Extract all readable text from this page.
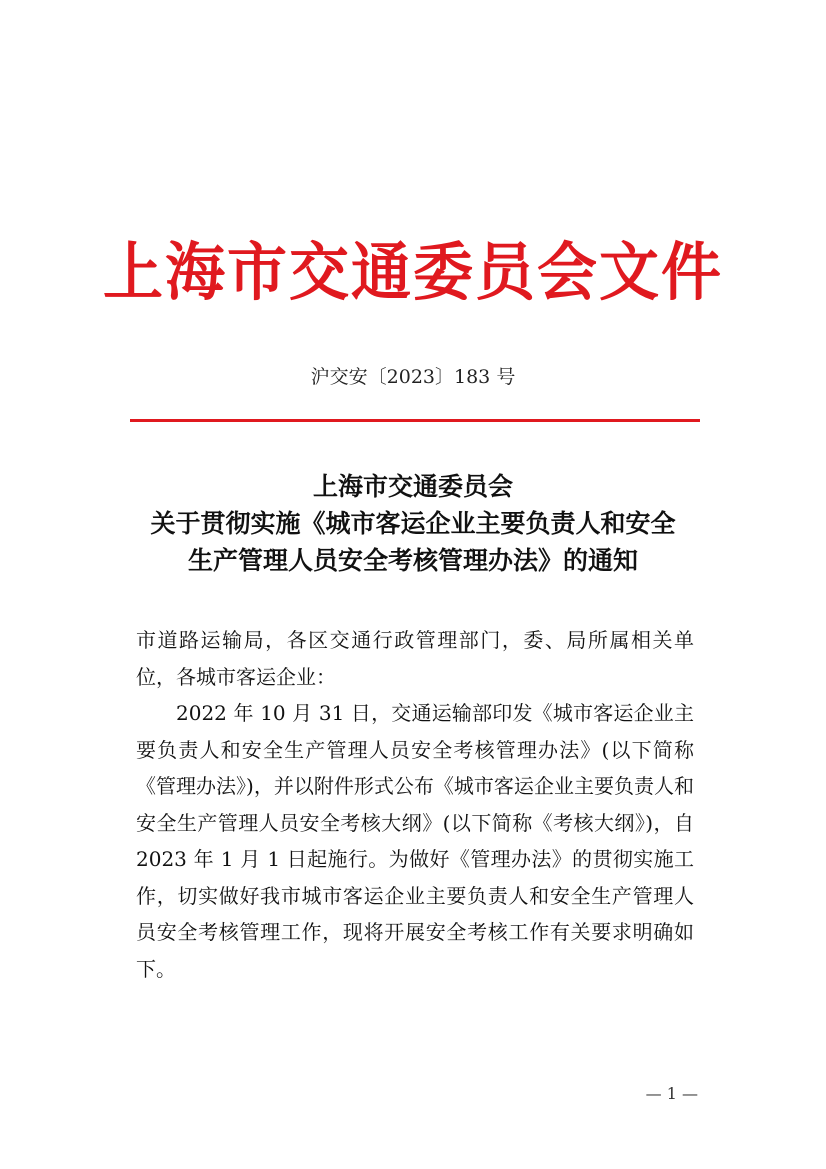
上海市交通委员会文件
沪交安〔2023〕183 号
上海市交通委员会
关于贯彻实施《城市客运企业主要负责人和安全
生产管理人员安全考核管理办法》的通知

市道路运输局，各区交通行政管理部门，委、局所属相关单位，各城市客运企业：

2022 年 10 月 31 日，交通运输部印发《城市客运企业主要负责人和安全生产管理人员安全考核管理办法》(以下简称《管理办法》)，并以附件形式公布《城市客运企业主要负责人和安全生产管理人员安全考核大纲》(以下简称《考核大纲》)，自 2023 年 1 月 1 日起施行。为做好《管理办法》的贯彻实施工作，切实做好我市城市客运企业主要负责人和安全生产管理人员安全考核管理工作，现将开展安全考核工作有关要求明确如下。

— 1 —
